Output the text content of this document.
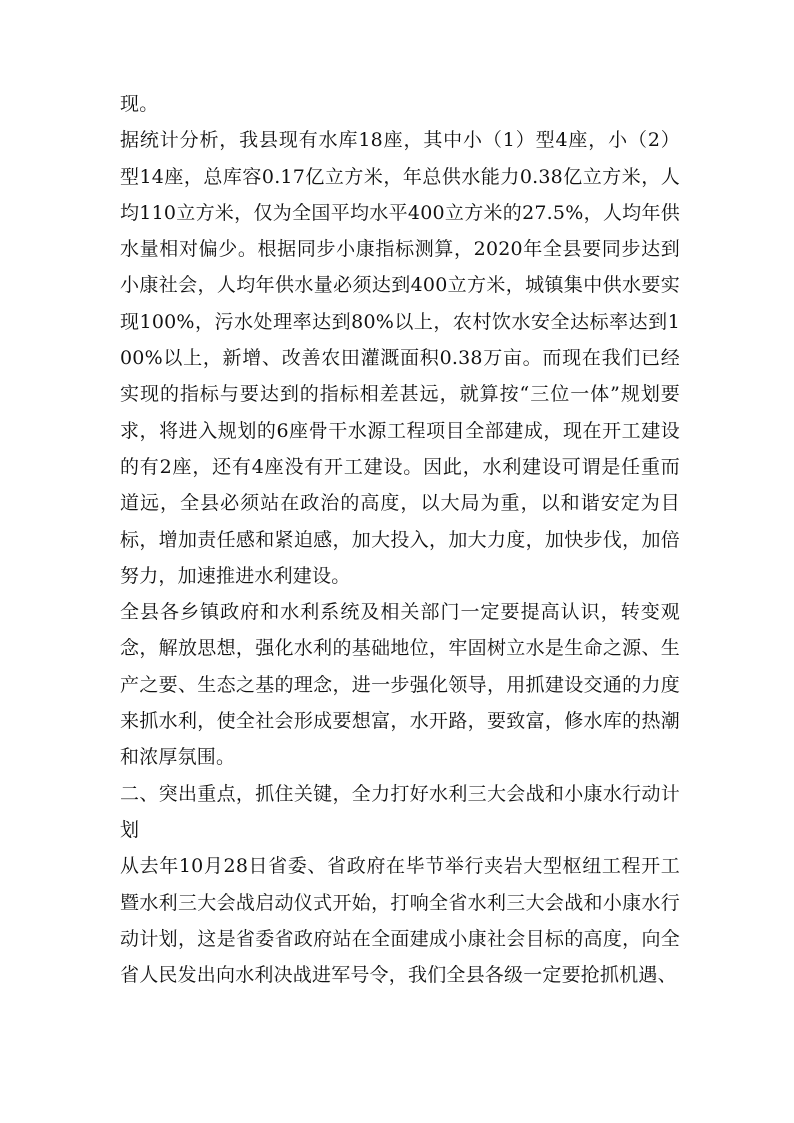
现。

据统计分析，我县现有水库18座，其中小（1）型4座，小（2）型14座，总库容0.17亿立方米，年总供水能力0.38亿立方米，人均110立方米，仅为全国平均水平400立方米的27.5%，人均年供水量相对偏少。根据同步小康指标测算，2020年全县要同步达到小康社会，人均年供水量必须达到400立方米，城镇集中供水要实现100%，污水处理率达到80%以上，农村饮水安全达标率达到100%以上，新增、改善农田灌溉面积0.38万亩。而现在我们已经实现的指标与要达到的指标相差甚远，就算按“三位一体”规划要求，将进入规划的6座骨干水源工程项目全部建成，现在开工建设的有2座，还有4座没有开工建设。因此，水利建设可谓是任重而道远，全县必须站在政治的高度，以大局为重，以和谐安定为目标，增加责任感和紧迫感，加大投入，加大力度，加快步伐，加倍努力，加速推进水利建设。

全县各乡镇政府和水利系统及相关部门一定要提高认识，转变观念，解放思想，强化水利的基础地位，牢固树立水是生命之源、生产之要、生态之基的理念，进一步强化领导，用抓建设交通的力度来抓水利，使全社会形成要想富，水开路，要致富，修水库的热潮和浓厚氛围。

二、突出重点，抓住关键，全力打好水利三大会战和小康水行动计划

从去年10月28日省委、省政府在毕节举行夹岩大型枢纽工程开工暨水利三大会战启动仪式开始，打响全省水利三大会战和小康水行动计划，这是省委省政府站在全面建成小康社会目标的高度，向全省人民发出向水利决战进军号令，我们全县各级一定要抢抓机遇、
